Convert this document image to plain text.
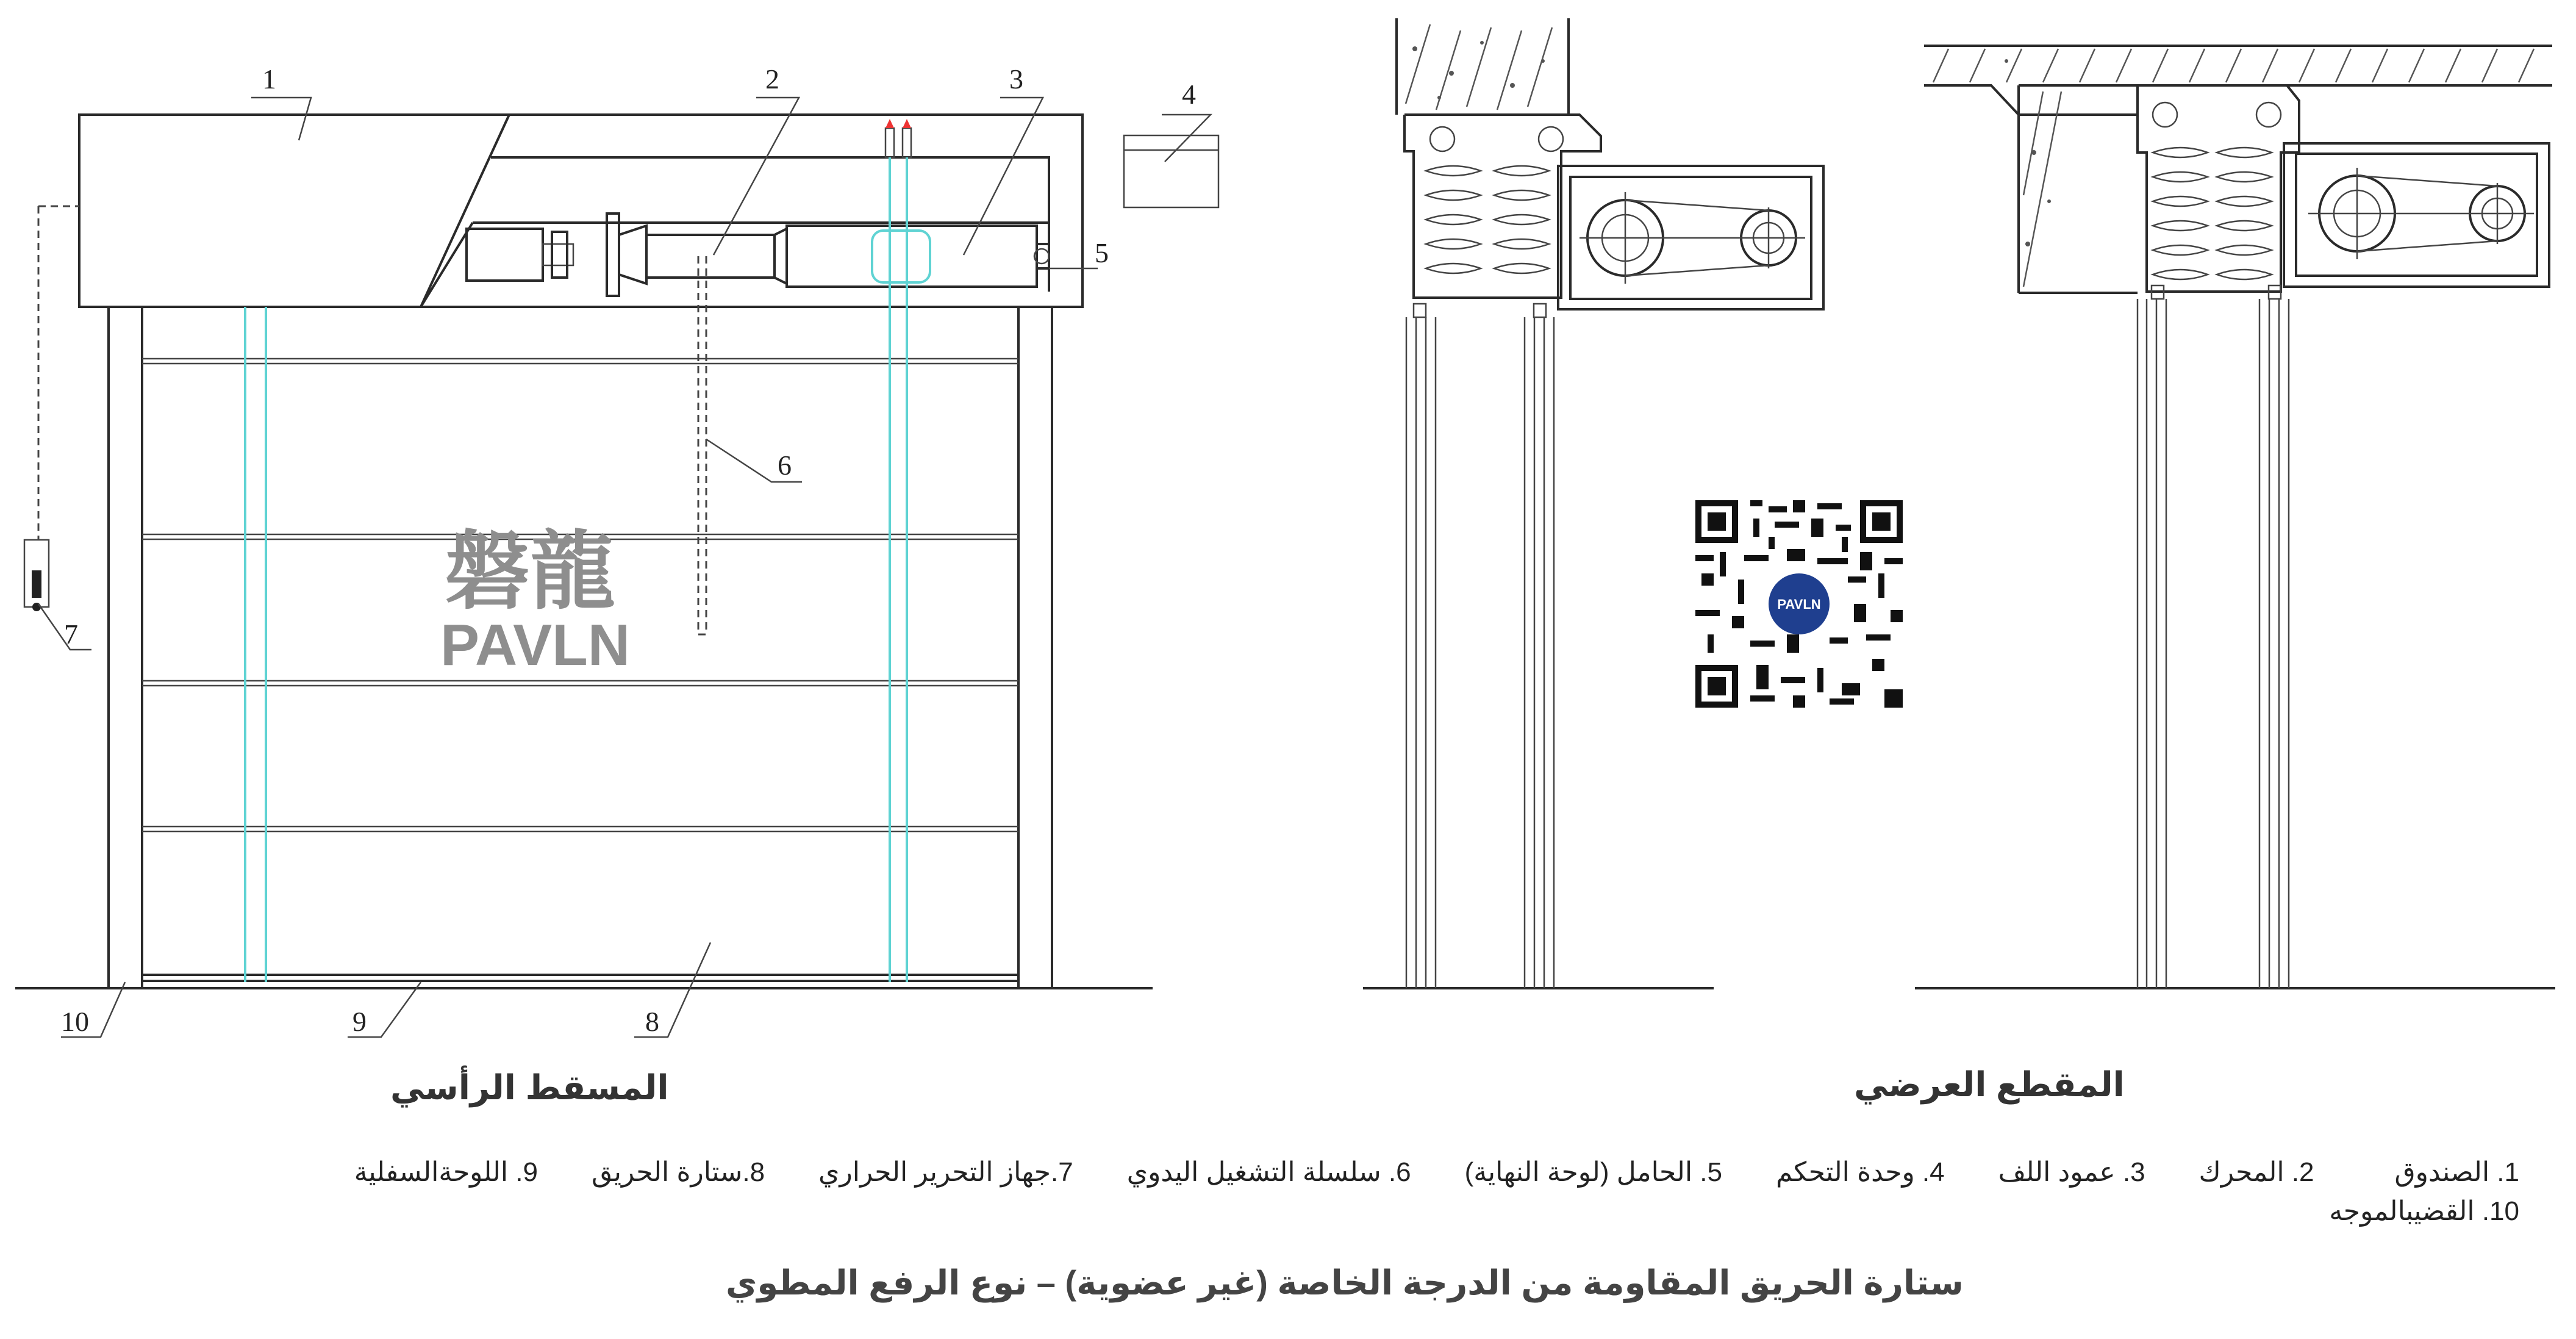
磐龍
PAVLN
1	2	3	4
5
6
7
8
9
10
PAVLN
المسقط الرأسي	المقطع العرضي
1. الصندوق　　　2. المحرك　　3. عمود اللف　　4. وحدة التحكم　　5. الحامل (لوحة النهاية)　　6. سلسلة التشغيل اليدوي　　7.جهاز التحرير الحراري　　8.ستارة الحريق　　9. اللوحةالسفلية
10. القضيبالموجه
ستارة الحريق المقاومة من الدرجة الخاصة (غير عضوية) – نوع الرفع المطوي
